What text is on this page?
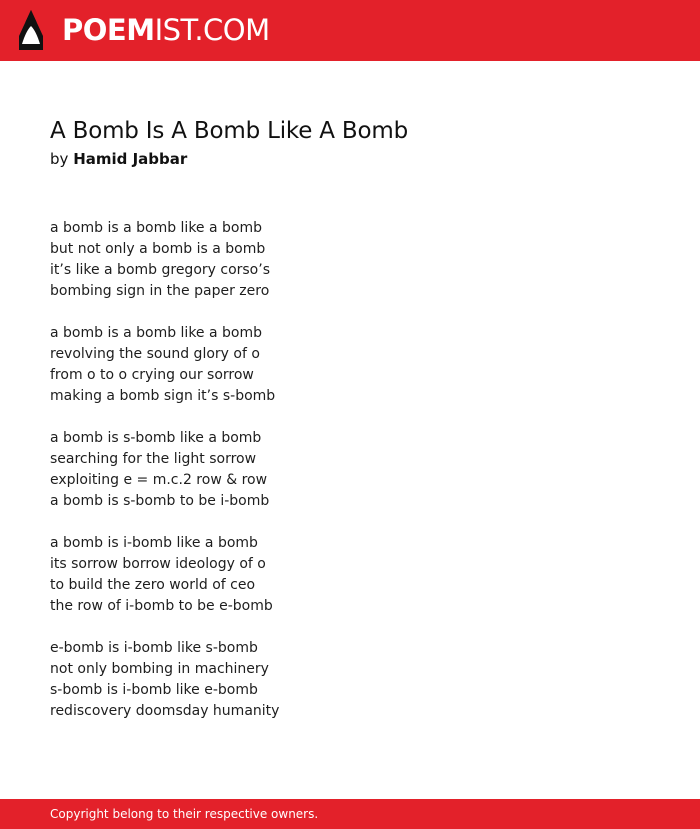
POEMIST.COM
A Bomb Is A Bomb Like A Bomb
by Hamid Jabbar
a bomb is a bomb like a bomb
but not only a bomb is a bomb
it’s like a bomb gregory corso’s
bombing sign in the paper zero
a bomb is a bomb like a bomb
revolving the sound glory of o
from o to o crying our sorrow
making a bomb sign it’s s-bomb
a bomb is s-bomb like a bomb
searching for the light sorrow
exploiting e = m.c.2 row & row
a bomb is s-bomb to be i-bomb
a bomb is i-bomb like a bomb
its sorrow borrow ideology of o
to build the zero world of ceo
the row of i-bomb to be e-bomb
e-bomb is i-bomb like s-bomb
not only bombing in machinery
s-bomb is i-bomb like e-bomb
rediscovery doomsday humanity
Copyright belong to their respective owners.
